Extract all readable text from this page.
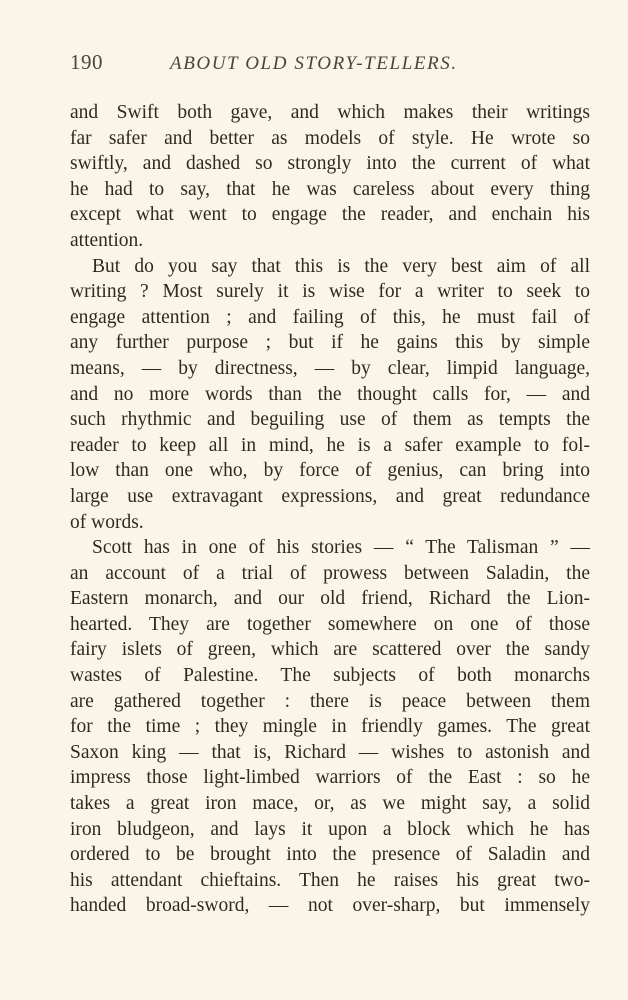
190	ABOUT OLD STORY-TELLERS.
and Swift both gave, and which makes their writings
far safer and better as models of style. He wrote so
swiftly, and dashed so strongly into the current of what
he had to say, that he was careless about every thing
except what went to engage the reader, and enchain his
attention.
But do you say that this is the very best aim of all
writing ? Most surely it is wise for a writer to seek to
engage attention ; and failing of this, he must fail of
any further purpose ; but if he gains this by simple
means, — by directness, — by clear, limpid language,
and no more words than the thought calls for, — and
such rhythmic and beguiling use of them as tempts the
reader to keep all in mind, he is a safer example to fol-
low than one who, by force of genius, can bring into
large use extravagant expressions, and great redundance
of words.
Scott has in one of his stories — “ The Talisman ” —
an account of a trial of prowess between Saladin, the
Eastern monarch, and our old friend, Richard the Lion-
hearted. They are together somewhere on one of those
fairy islets of green, which are scattered over the sandy
wastes of Palestine. The subjects of both monarchs
are gathered together : there is peace between them
for the time ; they mingle in friendly games. The great
Saxon king — that is, Richard — wishes to astonish and
impress those light-limbed warriors of the East : so he
takes a great iron mace, or, as we might say, a solid
iron bludgeon, and lays it upon a block which he has
ordered to be brought into the presence of Saladin and
his attendant chieftains. Then he raises his great two-
handed broad-sword, — not over-sharp, but immensely
